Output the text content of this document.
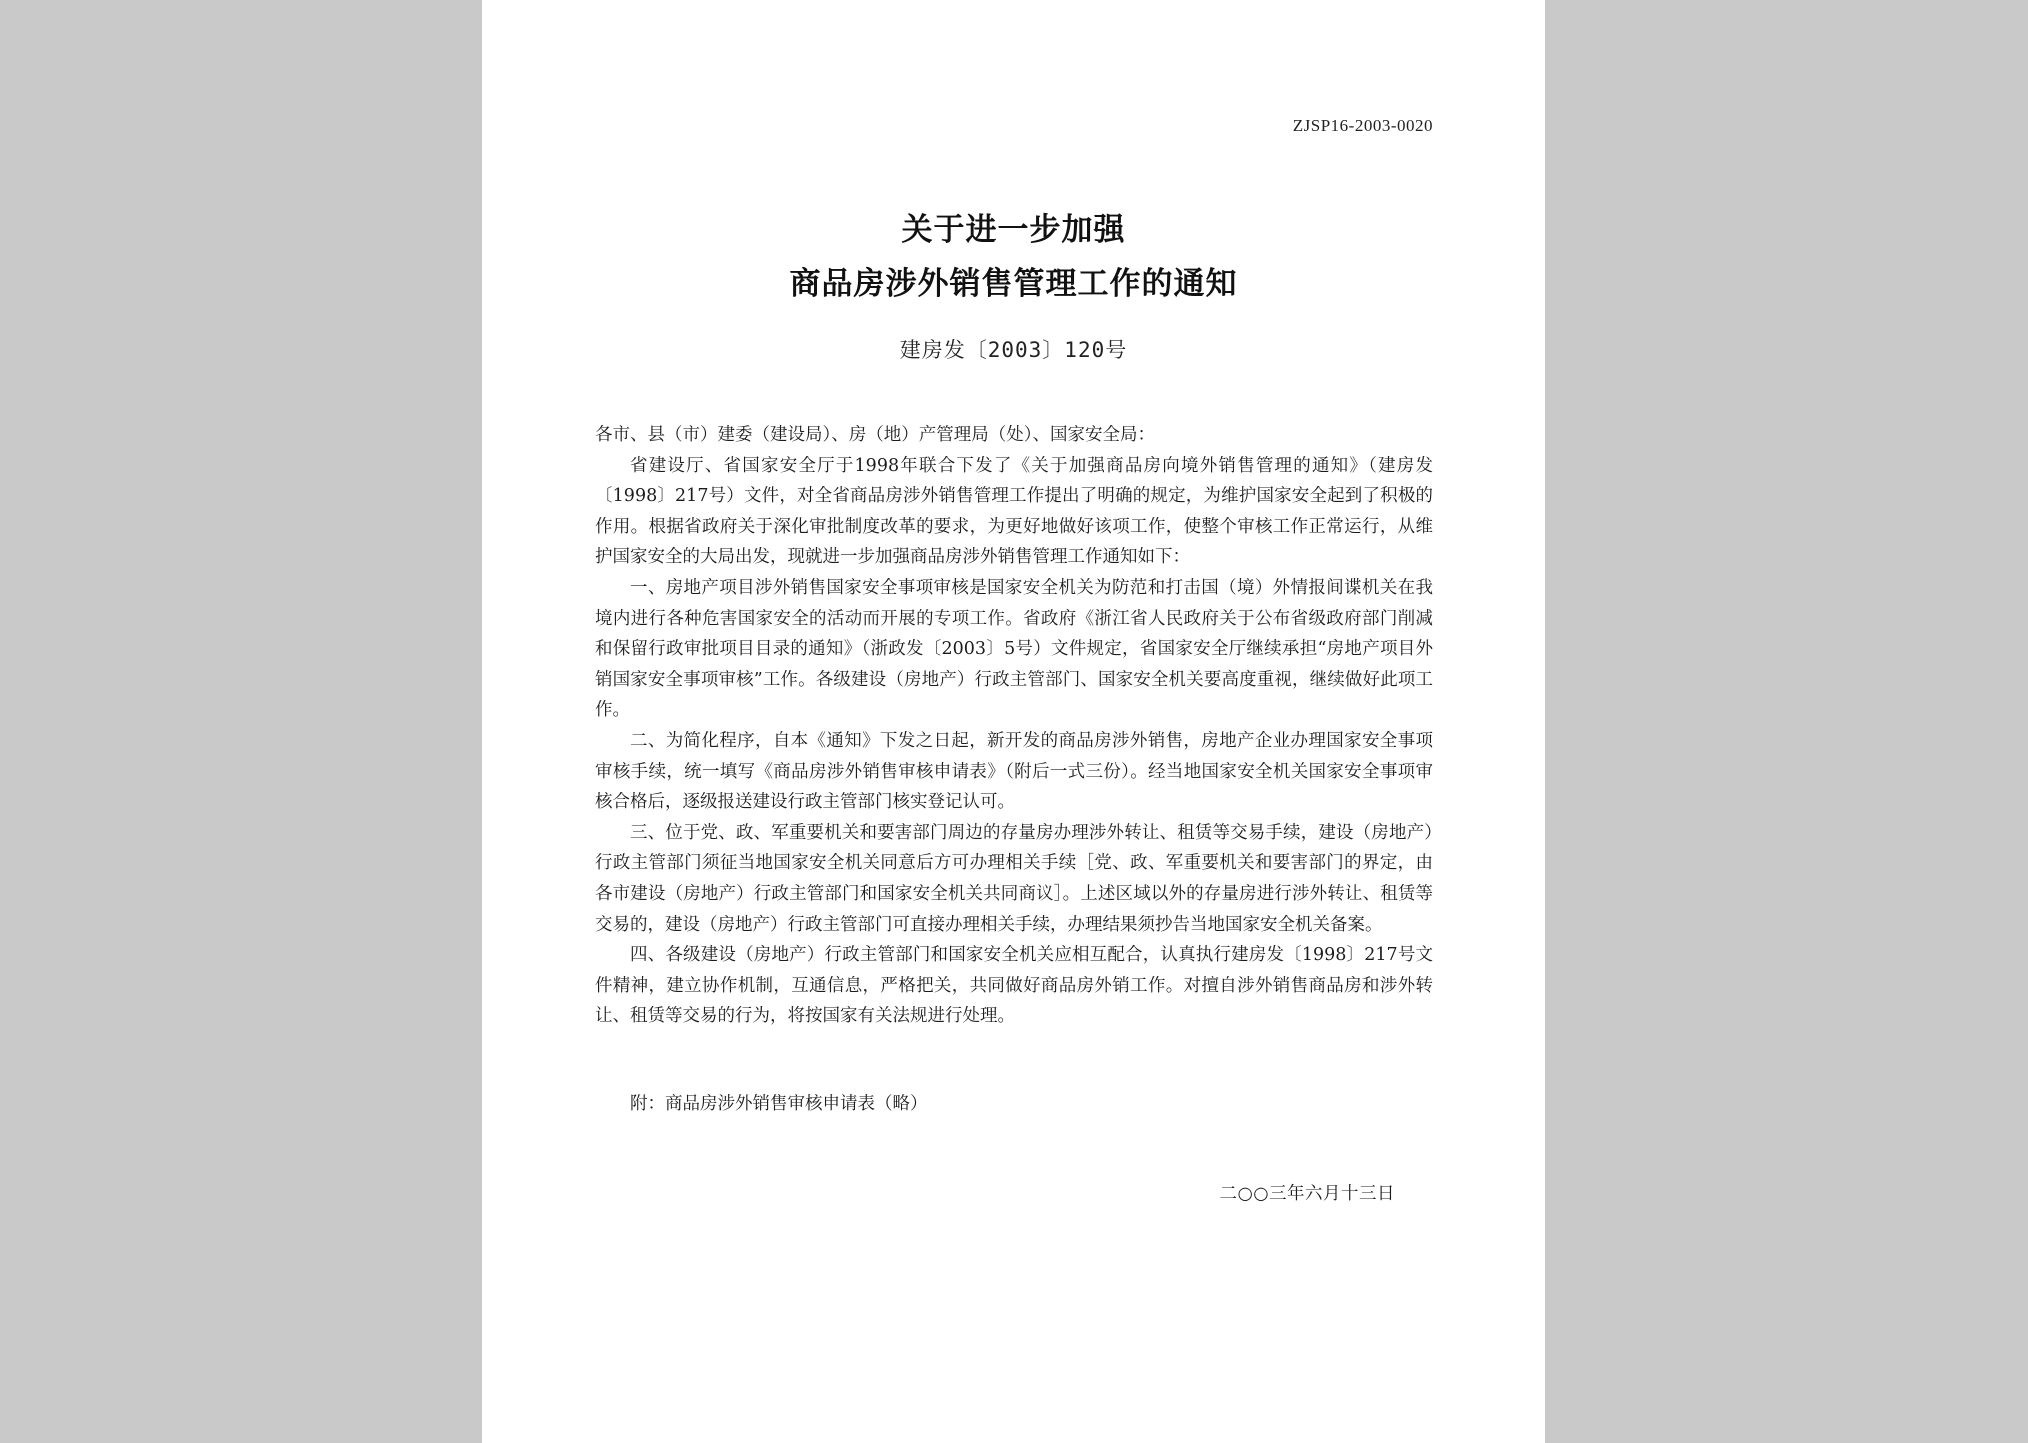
ZJSP16-2003-0020
关于进一步加强
商品房涉外销售管理工作的通知
建房发〔2003〕120号

各市、县（市）建委（建设局）、房（地）产管理局（处）、国家安全局：

省建设厅、省国家安全厅于1998年联合下发了《关于加强商品房向境外销售管理的通知》（建房发〔1998〕217号）文件，对全省商品房涉外销售管理工作提出了明确的规定，为维护国家安全起到了积极的作用。根据省政府关于深化审批制度改革的要求，为更好地做好该项工作，使整个审核工作正常运行，从维护国家安全的大局出发，现就进一步加强商品房涉外销售管理工作通知如下：

一、房地产项目涉外销售国家安全事项审核是国家安全机关为防范和打击国（境）外情报间谍机关在我境内进行各种危害国家安全的活动而开展的专项工作。省政府《浙江省人民政府关于公布省级政府部门削减和保留行政审批项目目录的通知》（浙政发〔2003〕5号）文件规定，省国家安全厅继续承担“房地产项目外销国家安全事项审核”工作。各级建设（房地产）行政主管部门、国家安全机关要高度重视，继续做好此项工作。

二、为简化程序，自本《通知》下发之日起，新开发的商品房涉外销售，房地产企业办理国家安全事项审核手续，统一填写《商品房涉外销售审核申请表》（附后一式三份）。经当地国家安全机关国家安全事项审核合格后，逐级报送建设行政主管部门核实登记认可。

三、位于党、政、军重要机关和要害部门周边的存量房办理涉外转让、租赁等交易手续，建设（房地产）行政主管部门须征当地国家安全机关同意后方可办理相关手续［党、政、军重要机关和要害部门的界定，由各市建设（房地产）行政主管部门和国家安全机关共同商议］。上述区域以外的存量房进行涉外转让、租赁等交易的，建设（房地产）行政主管部门可直接办理相关手续，办理结果须抄告当地国家安全机关备案。

四、各级建设（房地产）行政主管部门和国家安全机关应相互配合，认真执行建房发〔1998〕217号文件精神，建立协作机制，互通信息，严格把关，共同做好商品房外销工作。对擅自涉外销售商品房和涉外转让、租赁等交易的行为，将按国家有关法规进行处理。

附：商品房涉外销售审核申请表（略）
二○○三年六月十三日
